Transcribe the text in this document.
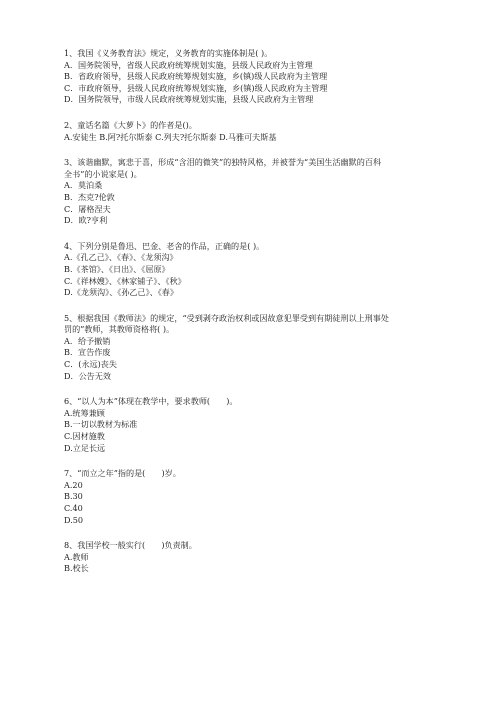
1、我国《义务教育法》规定，义务教育的实施体制是( )。

A．国务院领导，省级人民政府统筹规划实施，县级人民政府为主管理

B．省政府领导，县级人民政府统筹规划实施，乡(镇)级人民政府为主管理

C．市政府领导，县级人民政府统筹规划实施，乡(镇)级人民政府为主管理

D．国务院领导，市级人民政府统筹规划实施，县级人民政府为主管理

2、童话名篇《大萝卜》的作者是()。

A.安徒生 B.阿?托尔斯泰 C.列夫?托尔斯泰 D.马雅可夫斯基

3、该谐幽默，寓悲于喜，形成“含泪的微笑”的独特风格，并被誉为“美国生活幽默的百科

全书”的小说家是( )。

A．莫泊桑

B．杰克?伦敦

C．屠格涅夫

D．欧?亨利

4、下列分别是鲁迅、巴金、老舍的作品，正确的是( )。

A.《孔乙己》、《春》、《龙须沟》

B.《茶馆》、《日出》、《屈原》

C.《祥林嫂》、《林家铺子》、《秋》

D.《龙须沟》、《孙乙己》、《春》

5、根据我国《教师法》的规定，“受到剥夺政治权利或因故意犯罪受到有期徒刑以上刑事处

罚的”教师，其教师资格将( )。

A．给予撤销

B．宣告作废

C．(永远)丧失

D．公告无效

6、“以人为本”体现在教学中，要求教师(　　)。

A.统筹兼顾

B.一切以教材为标准

C.因材施教

D.立足长远

7、“而立之年”指的是(　　)岁。

A.20

B.30

C.40

D.50

8、我国学校一般实行(　　)负责制。

A.教师

B.校长
